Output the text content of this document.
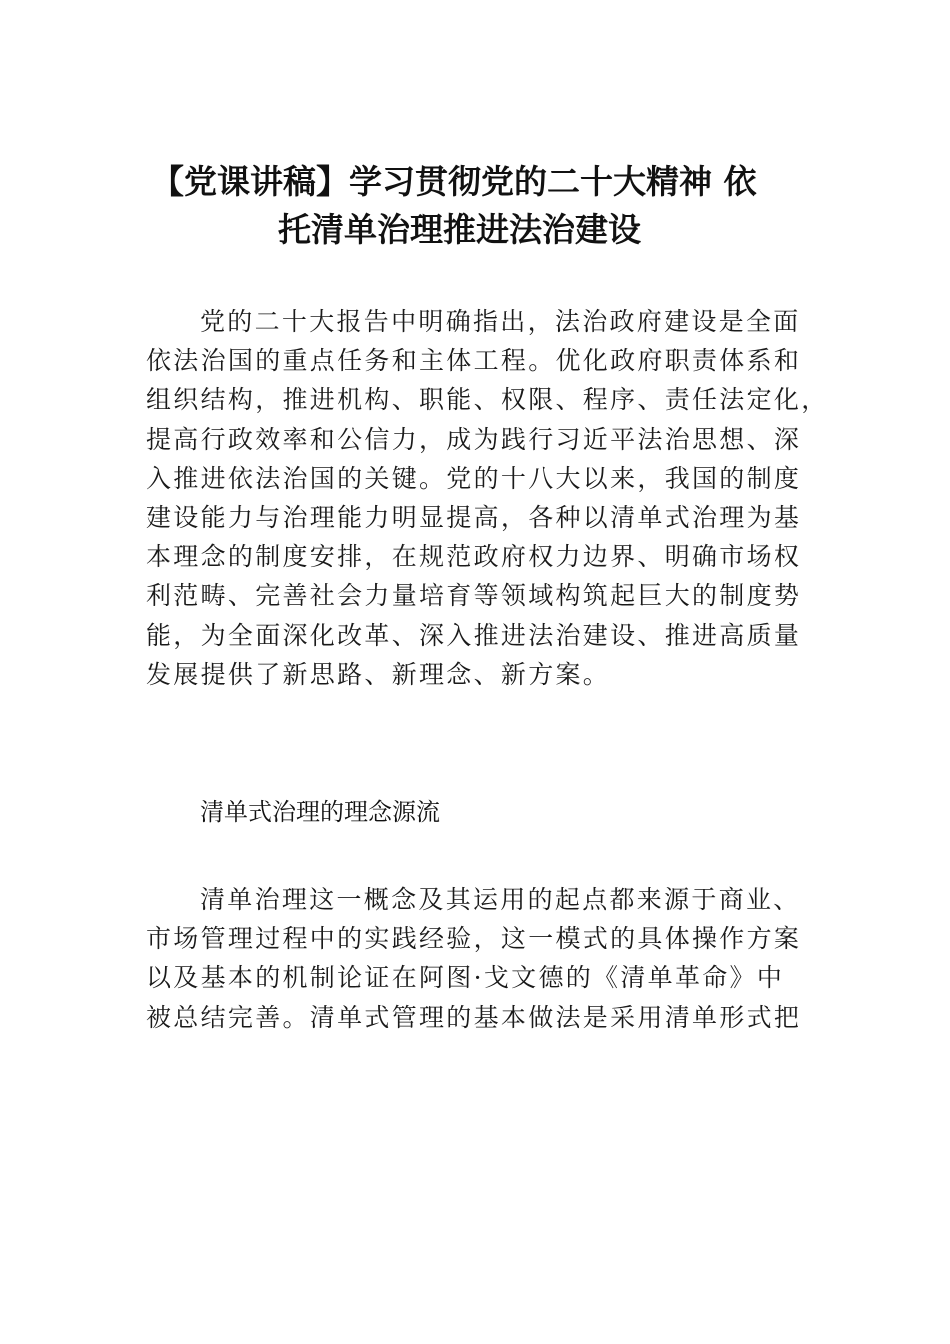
【党课讲稿】学习贯彻党的二十大精神 依
托清单治理推进法治建设
党的二十大报告中明确指出，法治政府建设是全面
依法治国的重点任务和主体工程。优化政府职责体系和
组织结构，推进机构、职能、权限、程序、责任法定化，
提高行政效率和公信力，成为践行习近平法治思想、深
入推进依法治国的关键。党的十八大以来，我国的制度
建设能力与治理能力明显提高，各种以清单式治理为基
本理念的制度安排，在规范政府权力边界、明确市场权
利范畴、完善社会力量培育等领域构筑起巨大的制度势
能，为全面深化改革、深入推进法治建设、推进高质量
发展提供了新思路、新理念、新方案。
清单式治理的理念源流
清单治理这一概念及其运用的起点都来源于商业、
市场管理过程中的实践经验，这一模式的具体操作方案
以及基本的机制论证在阿图·戈文德的《清单革命》中
被总结完善。清单式管理的基本做法是采用清单形式把
